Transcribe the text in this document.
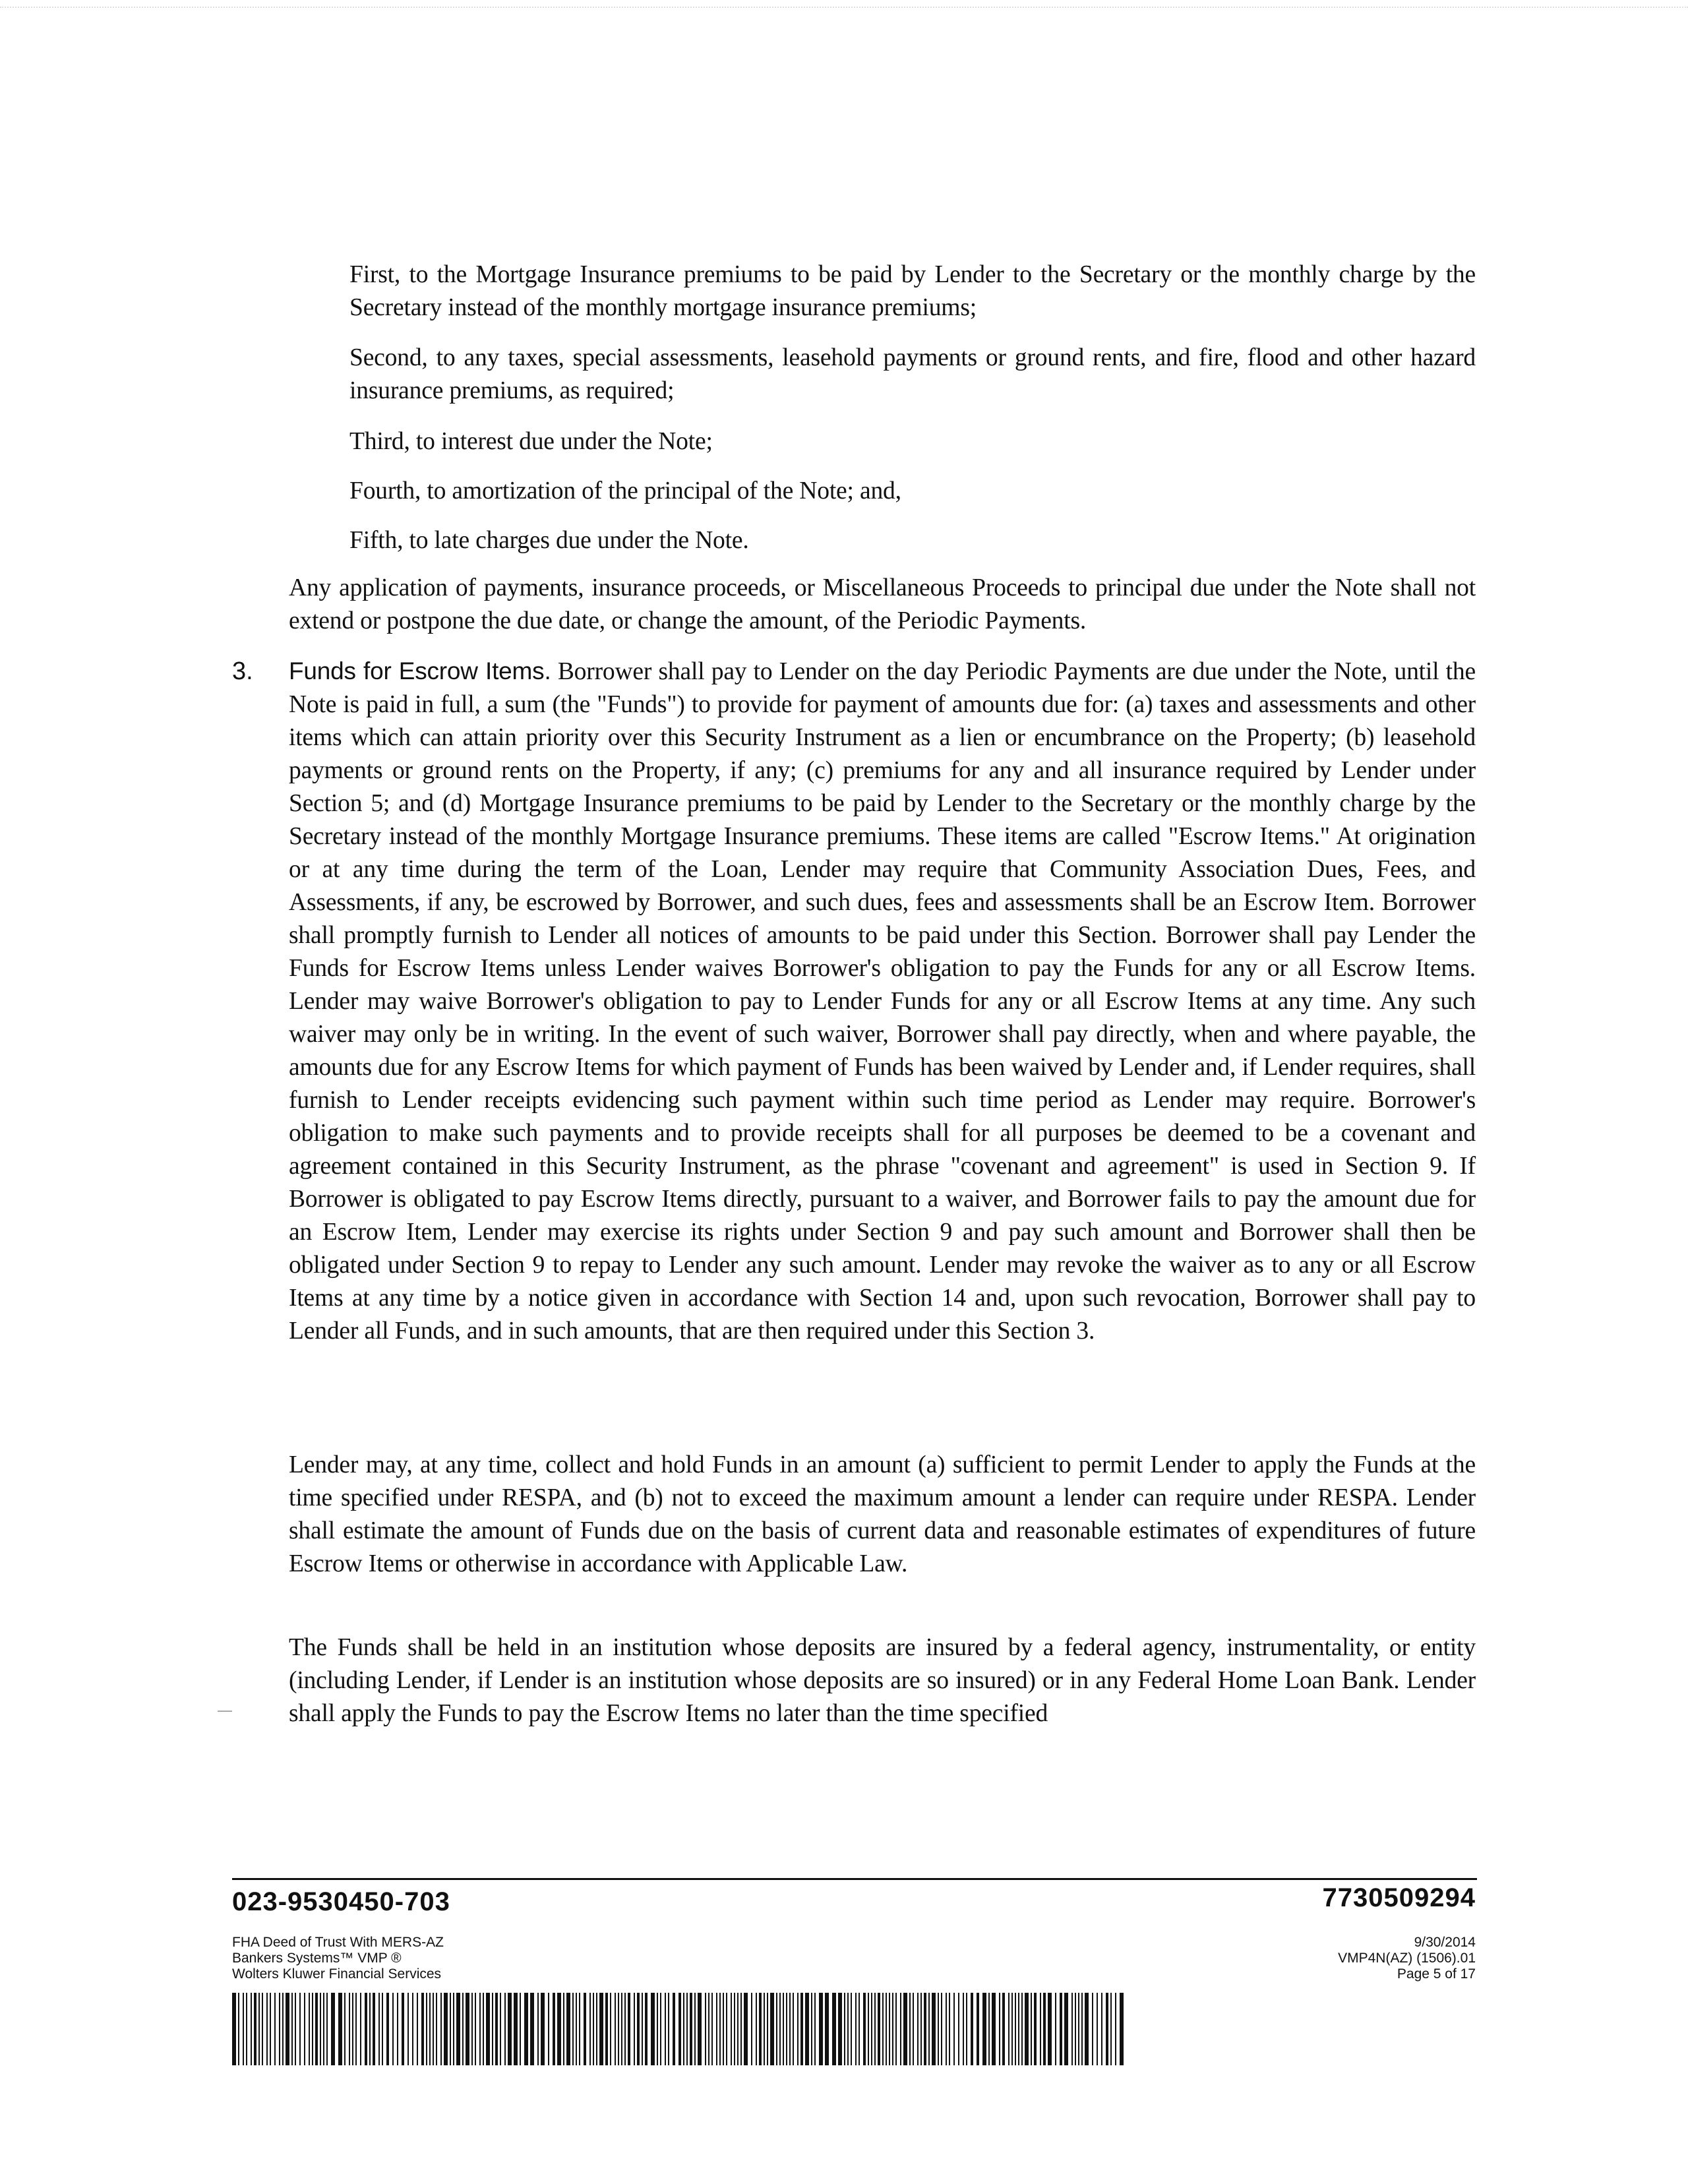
First, to the Mortgage Insurance premiums to be paid by Lender to the Secretary or the monthly charge by the Secretary instead of the monthly mortgage insurance premiums;

Second, to any taxes, special assessments, leasehold payments or ground rents, and fire, flood and other hazard insurance premiums, as required;

Third, to interest due under the Note;

Fourth, to amortization of the principal of the Note; and,

Fifth, to late charges due under the Note.

Any application of payments, insurance proceeds, or Miscellaneous Proceeds to principal due under the Note shall not extend or postpone the due date, or change the amount, of the Periodic Payments.

3. Funds for Escrow Items. Borrower shall pay to Lender on the day Periodic Payments are due under the Note, until the Note is paid in full, a sum (the "Funds") to provide for payment of amounts due for: (a) taxes and assessments and other items which can attain priority over this Security Instrument as a lien or encumbrance on the Property; (b) leasehold payments or ground rents on the Property, if any; (c) premiums for any and all insurance required by Lender under Section 5; and (d) Mortgage Insurance premiums to be paid by Lender to the Secretary or the monthly charge by the Secretary instead of the monthly Mortgage Insurance premiums. These items are called "Escrow Items." At origination or at any time during the term of the Loan, Lender may require that Community Association Dues, Fees, and Assessments, if any, be escrowed by Borrower, and such dues, fees and assessments shall be an Escrow Item. Borrower shall promptly furnish to Lender all notices of amounts to be paid under this Section. Borrower shall pay Lender the Funds for Escrow Items unless Lender waives Borrower's obligation to pay the Funds for any or all Escrow Items. Lender may waive Borrower's obligation to pay to Lender Funds for any or all Escrow Items at any time. Any such waiver may only be in writing. In the event of such waiver, Borrower shall pay directly, when and where payable, the amounts due for any Escrow Items for which payment of Funds has been waived by Lender and, if Lender requires, shall furnish to Lender receipts evidencing such payment within such time period as Lender may require. Borrower's obligation to make such payments and to provide receipts shall for all purposes be deemed to be a covenant and agreement contained in this Security Instrument, as the phrase "covenant and agreement" is used in Section 9. If Borrower is obligated to pay Escrow Items directly, pursuant to a waiver, and Borrower fails to pay the amount due for an Escrow Item, Lender may exercise its rights under Section 9 and pay such amount and Borrower shall then be obligated under Section 9 to repay to Lender any such amount. Lender may revoke the waiver as to any or all Escrow Items at any time by a notice given in accordance with Section 14 and, upon such revocation, Borrower shall pay to Lender all Funds, and in such amounts, that are then required under this Section 3.

Lender may, at any time, collect and hold Funds in an amount (a) sufficient to permit Lender to apply the Funds at the time specified under RESPA, and (b) not to exceed the maximum amount a lender can require under RESPA. Lender shall estimate the amount of Funds due on the basis of current data and reasonable estimates of expenditures of future Escrow Items or otherwise in accordance with Applicable Law.

The Funds shall be held in an institution whose deposits are insured by a federal agency, instrumentality, or entity (including Lender, if Lender is an institution whose deposits are so insured) or in any Federal Home Loan Bank. Lender shall apply the Funds to pay the Escrow Items no later than the time specified

023-9530450-703	7730509294
FHA Deed of Trust With MERS-AZ
Bankers Systems™ VMP ®
Wolters Kluwer Financial Services
9/30/2014
VMP4N(AZ) (1506).01
Page 5 of 17
